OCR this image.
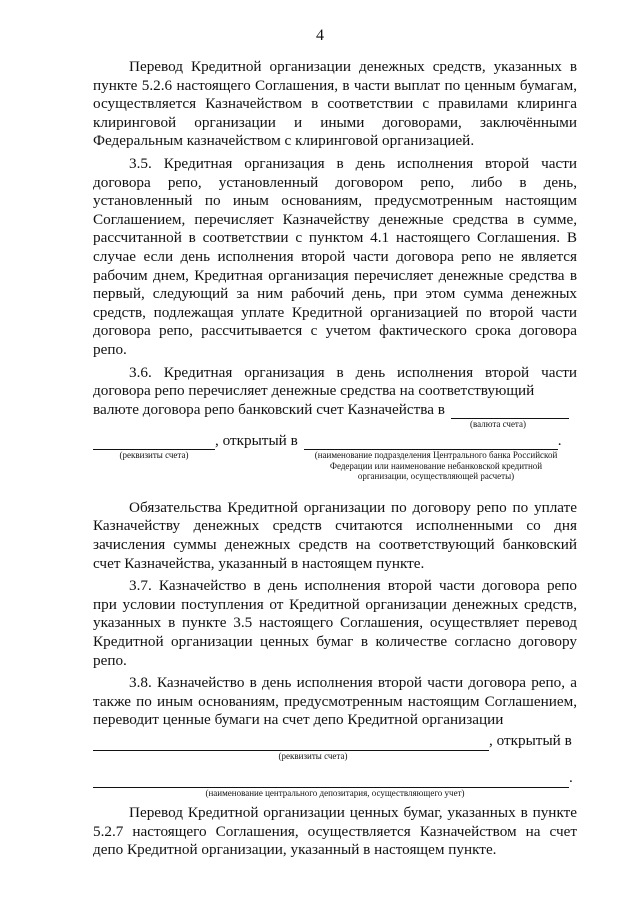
4

Перевод Кредитной организации денежных средств, указанных в пункте 5.2.6 настоящего Соглашения, в части выплат по ценным бумагам, осуществляется Казначейством в соответствии с правилами клиринга клиринговой организации и иными договорами, заключёнными Федеральным казначейством с клиринговой организацией.

3.5. Кредитная организация в день исполнения второй части договора репо, установленный договором репо, либо в день, установленный по иным основаниям, предусмотренным настоящим Соглашением, перечисляет Казначейству денежные средства в сумме, рассчитанной в соответствии с пунктом 4.1 настоящего Соглашения. В случае если день исполнения второй части договора репо не является рабочим днем, Кредитная организация перечисляет денежные средства в первый, следующий за ним рабочий день, при этом сумма денежных средств, подлежащая уплате Кредитной организацией по второй части договора репо, рассчитывается с учетом фактического срока договора репо.

3.6. Кредитная организация в день исполнения второй части договора репо перечисляет денежные средства на соответствующий

валюте договора репо банковский счет Казначейства в
(валюта счета)
, открытый в	.
(реквизиты счета)	(наименование подразделения Центрального банка Российской Федерации или наименование небанковской кредитной организации, осуществляющей расчеты)

Обязательства Кредитной организации по договору репо по уплате Казначейству денежных средств считаются исполненными со дня зачисления суммы денежных средств на соответствующий банковский счет Казначейства, указанный в настоящем пункте.

3.7. Казначейство в день исполнения второй части договора репо при условии поступления от Кредитной организации денежных средств, указанных в пункте 3.5 настоящего Соглашения, осуществляет перевод Кредитной организации ценных бумаг в количестве согласно договору репо.

3.8. Казначейство в день исполнения второй части договора репо, а также по иным основаниям, предусмотренным настоящим Соглашением, переводит ценные бумаги на счет депо Кредитной организации

, открытый в
(реквизиты счета)
.
(наименование центрального депозитария, осуществляющего учет)

Перевод Кредитной организации ценных бумаг, указанных в пункте 5.2.7 настоящего Соглашения, осуществляется Казначейством на счет депо Кредитной организации, указанный в настоящем пункте.
